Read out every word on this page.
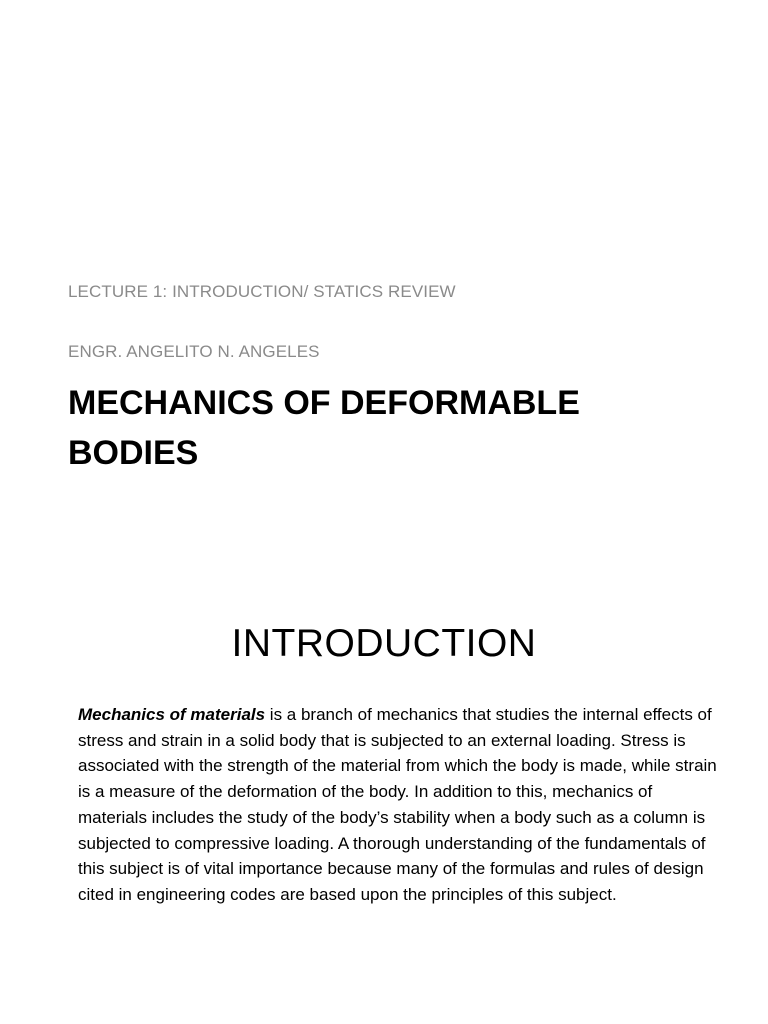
LECTURE 1: INTRODUCTION/ STATICS REVIEW
ENGR. ANGELITO N. ANGELES
MECHANICS OF DEFORMABLE
BODIES
INTRODUCTION

Mechanics of materials is a branch of mechanics that studies the internal effects of stress and strain in a solid body that is subjected to an external loading. Stress is associated with the strength of the material from which the body is made, while strain is a measure of the deformation of the body. In addition to this, mechanics of materials includes the study of the body’s stability when a body such as a column is subjected to compressive loading. A thorough understanding of the fundamentals of this subject is of vital importance because many of the formulas and rules of design cited in engineering codes are based upon the principles of this subject.
